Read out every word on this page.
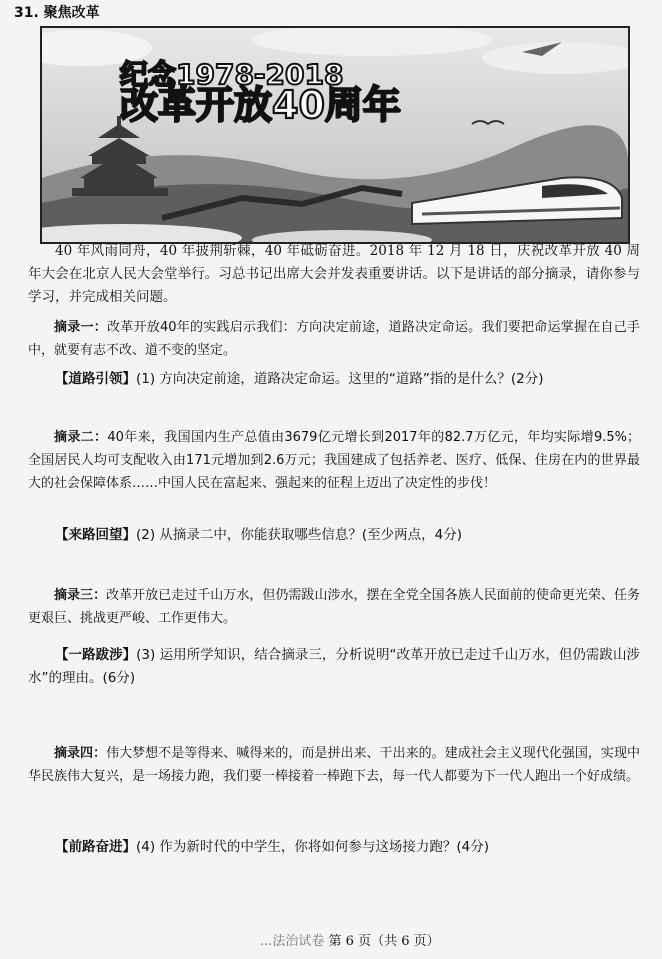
31. 聚焦改革
纪念1978-2018
改革开放40周年

40 年风雨同舟，40 年披荆斩棘，40 年砥砺奋进。2018 年 12 月 18 日，庆祝改革开放 40 周年大会在北京人民大会堂举行。习总书记出席大会并发表重要讲话。以下是讲话的部分摘录，请你参与学习，并完成相关问题。

摘录一：改革开放40年的实践启示我们：方向决定前途，道路决定命运。我们要把命运掌握在自己手中，就要有志不改、道不变的坚定。

【道路引领】(1) 方向决定前途，道路决定命运。这里的“道路”指的是什么？(2分)

摘录二：40年来，我国国内生产总值由3679亿元增长到2017年的82.7万亿元，年均实际增9.5%；全国居民人均可支配收入由171元增加到2.6万元；我国建成了包括养老、医疗、低保、住房在内的世界最大的社会保障体系……中国人民在富起来、强起来的征程上迈出了决定性的步伐！

【来路回望】(2) 从摘录二中，你能获取哪些信息？(至少两点，4分)

摘录三：改革开放已走过千山万水，但仍需跋山涉水，摆在全党全国各族人民面前的使命更光荣、任务更艰巨、挑战更严峻、工作更伟大。

【一路跋涉】(3) 运用所学知识，结合摘录三，分析说明“改革开放已走过千山万水，但仍需跋山涉水”的理由。(6分)

摘录四：伟大梦想不是等得来、喊得来的，而是拼出来、干出来的。建成社会主义现代化强国，实现中华民族伟大复兴，是一场接力跑，我们要一棒接着一棒跑下去，每一代人都要为下一代人跑出一个好成绩。

【前路奋进】(4) 作为新时代的中学生，你将如何参与这场接力跑？(4分)

...法治试卷 第 6 页（共 6 页）
